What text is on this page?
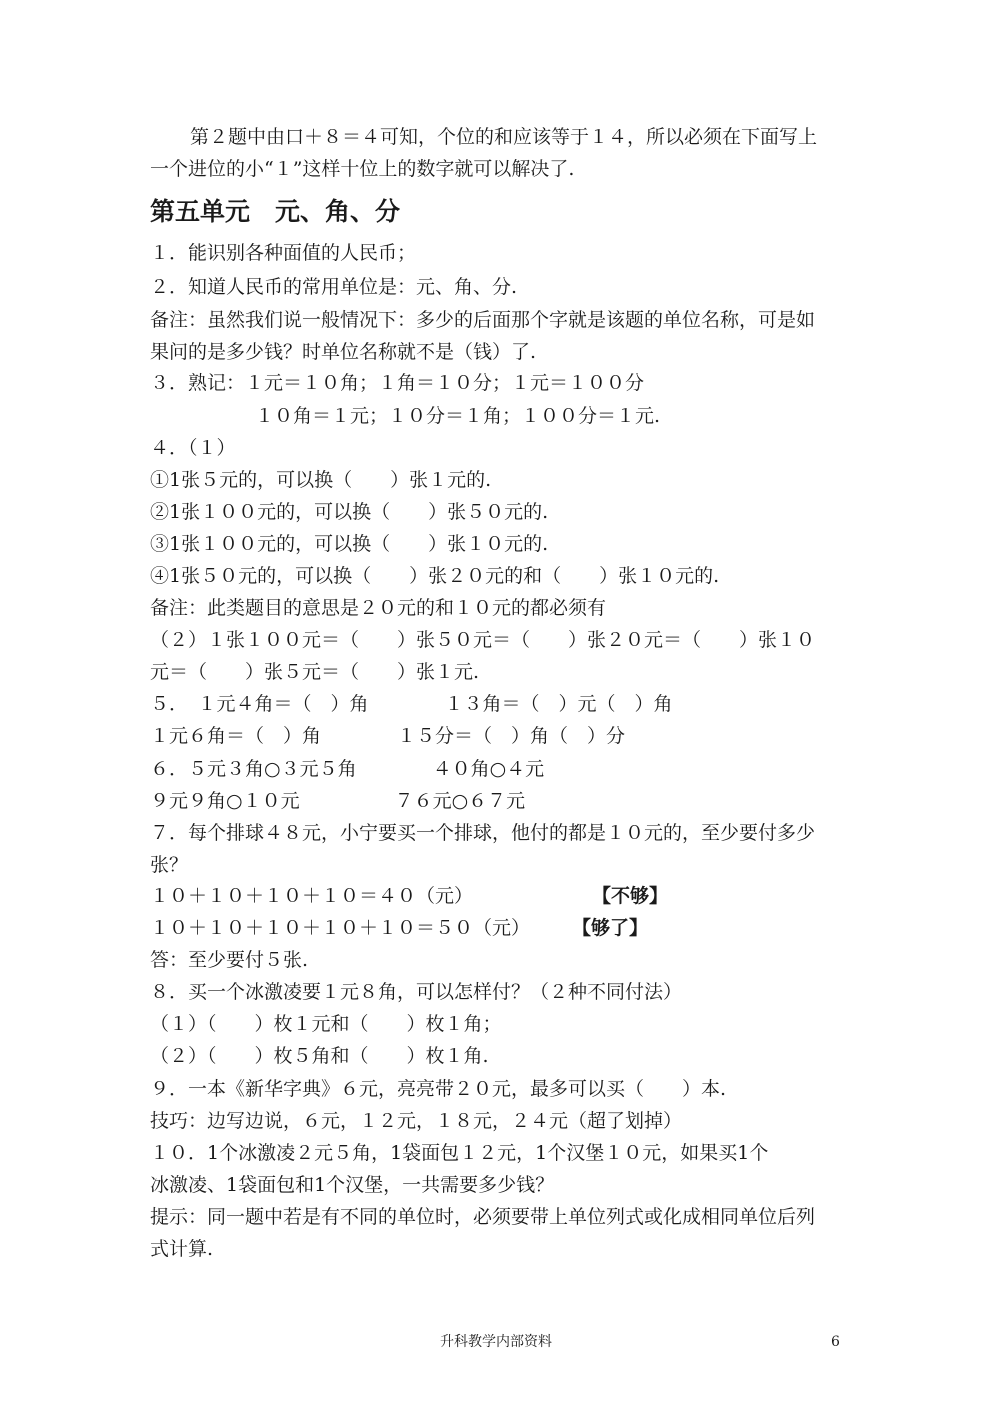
第２题中由口＋８＝４可知，个位的和应该等于１４，所以必须在下面写上
一个进位的小“１”这样十位上的数字就可以解决了.
第五单元　元、角、分
１．能识别各种面值的人民币；
２．知道人民币的常用单位是：元、角、分.
备注：虽然我们说一般情况下：多少的后面那个字就是该题的单位名称，可是如
果问的是多少钱？时单位名称就不是（钱）了.
３．熟记：１元＝１０角；１角＝１０分；１元＝１００分
１０角＝１元；１０分＝１角；１００分＝１元.
４．（１）
①1张５元的，可以换（　　）张１元的.
②1张１００元的，可以换（　　）张５０元的.
③1张１００元的，可以换（　　）张１０元的.
④1张５０元的，可以换（　　）张２０元的和（　　）张１０元的.
备注：此类题目的意思是２０元的和１０元的都必须有
（２）１张１００元＝（　　）张５０元＝（　　）张２０元＝（　　）张１０
元＝（　　）张５元＝（　　）张１元.
５．　１元４角＝（　）角　　　　１３角＝（　）元（　）角
１元６角＝（　）角　　　　１５分＝（　）角（　）分
６．５元３角○３元５角　　　　４０角○４元
９元９角○１０元　　　　　７６元○６７元
７．每个排球４８元，小宁要买一个排球，他付的都是１０元的，至少要付多少
张？
１０＋１０＋１０＋１０＝４０（元）	【不够】
１０＋１０＋１０＋１０＋１０＝５０（元） 【够了】
答：至少要付５张.
８．买一个冰激凌要１元８角，可以怎样付？（２种不同付法）
（１）（　　）枚１元和（　　）枚１角；
（２）（　　）枚５角和（　　）枚１角.
９．一本《新华字典》６元，亮亮带２０元，最多可以买（　　）本.
技巧：边写边说，６元，１２元，１８元，２４元（超了划掉）
１０．1个冰激凌２元５角，1袋面包１２元，1个汉堡１０元，如果买1个
冰激凌、1袋面包和1个汉堡，一共需要多少钱？
提示：同一题中若是有不同的单位时，必须要带上单位列式或化成相同单位后列
式计算.
升科教学内部资料	6
